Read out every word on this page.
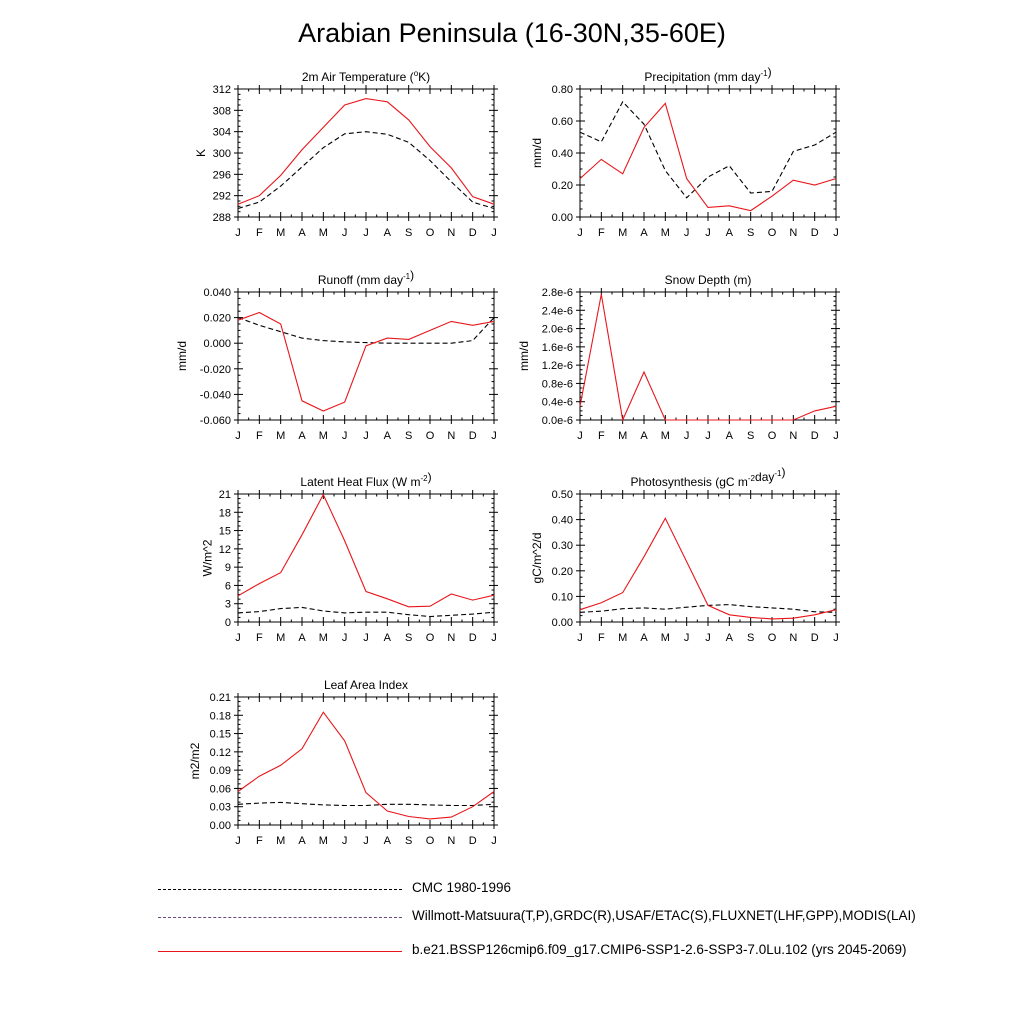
Arabian Peninsula (16-30N,35-60E)
2m Air Temperature ($^o$K)
J F M A M J J A S O N D J
288
292
296
300
304
308
312
K
Precipitation (mm day$^{-1}$)
J F M A M J J A S O N D J
0.00
0.20
0.40
0.60
0.80
mm/d
Runoff (mm day$^{-1}$)
J F M A M J J A S O N D J
-0.060
-0.040
-0.020
0.000
0.020
0.040
mm/d
Snow Depth (m)
J F M A M J J A S O N D J
0.0e-6
0.4e-6
0.8e-6
1.2e-6
1.6e-6
2.0e-6
2.4e-6
2.8e-6
mm/d
Latent Heat Flux (W $m^{-2}$)
J F M A M J J A S O N D J
0
3
6
9
12
15
18
21
W/m^2
Photosynthesis (gC $m^{-2}day^{-1}$)
J F M A M J J A S O N D J
0.00
0.10
0.20
0.30
0.40
0.50
gC/m^2/d
Leaf Area Index
J F M A M J J A S O N D J
0.00
0.03
0.06
0.09
0.12
0.15
0.18
0.21
m2/m2
CMC 1980-1996
Willmott-Matsuura(T,P),GRDC(R),USAF/ETAC(S),FLUXNET(LHF,GPP),MODIS(LAI)
b.e21.BSSP126cmip6.f09_g17.CMIP6-SSP1-2.6-SSP3-7.0Lu.102 (yrs 2045-2069)
